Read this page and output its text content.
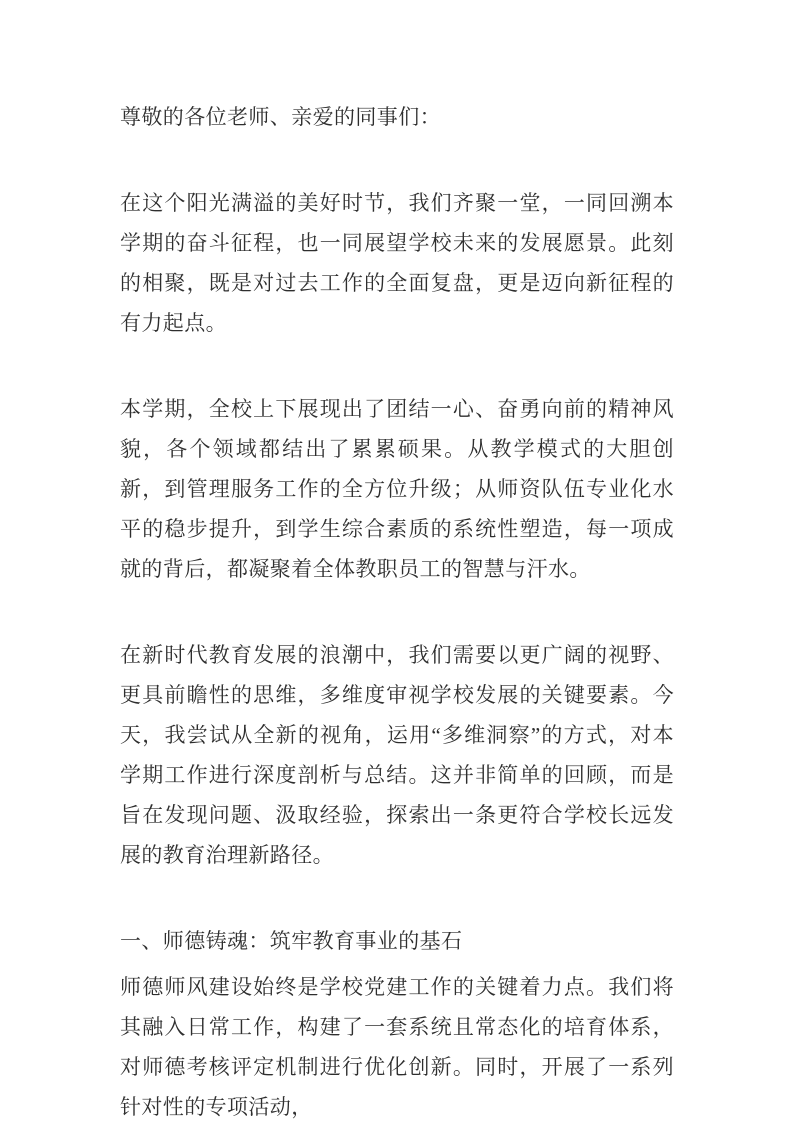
尊敬的各位老师、亲爱的同事们：

在这个阳光满溢的美好时节，我们齐聚一堂，一同回溯本学期的奋斗征程，也一同展望学校未来的发展愿景。此刻的相聚，既是对过去工作的全面复盘，更是迈向新征程的有力起点。

本学期，全校上下展现出了团结一心、奋勇向前的精神风貌，各个领域都结出了累累硕果。从教学模式的大胆创新，到管理服务工作的全方位升级；从师资队伍专业化水平的稳步提升，到学生综合素质的系统性塑造，每一项成就的背后，都凝聚着全体教职员工的智慧与汗水。

在新时代教育发展的浪潮中，我们需要以更广阔的视野、更具前瞻性的思维，多维度审视学校发展的关键要素。今天，我尝试从全新的视角，运用“多维洞察”的方式，对本学期工作进行深度剖析与总结。这并非简单的回顾，而是旨在发现问题、汲取经验，探索出一条更符合学校长远发展的教育治理新路径。

一、师德铸魂：筑牢教育事业的基石

师德师风建设始终是学校党建工作的关键着力点。我们将其融入日常工作，构建了一套系统且常态化的培育体系，对师德考核评定机制进行优化创新。同时，开展了一系列针对性的专项活动，
